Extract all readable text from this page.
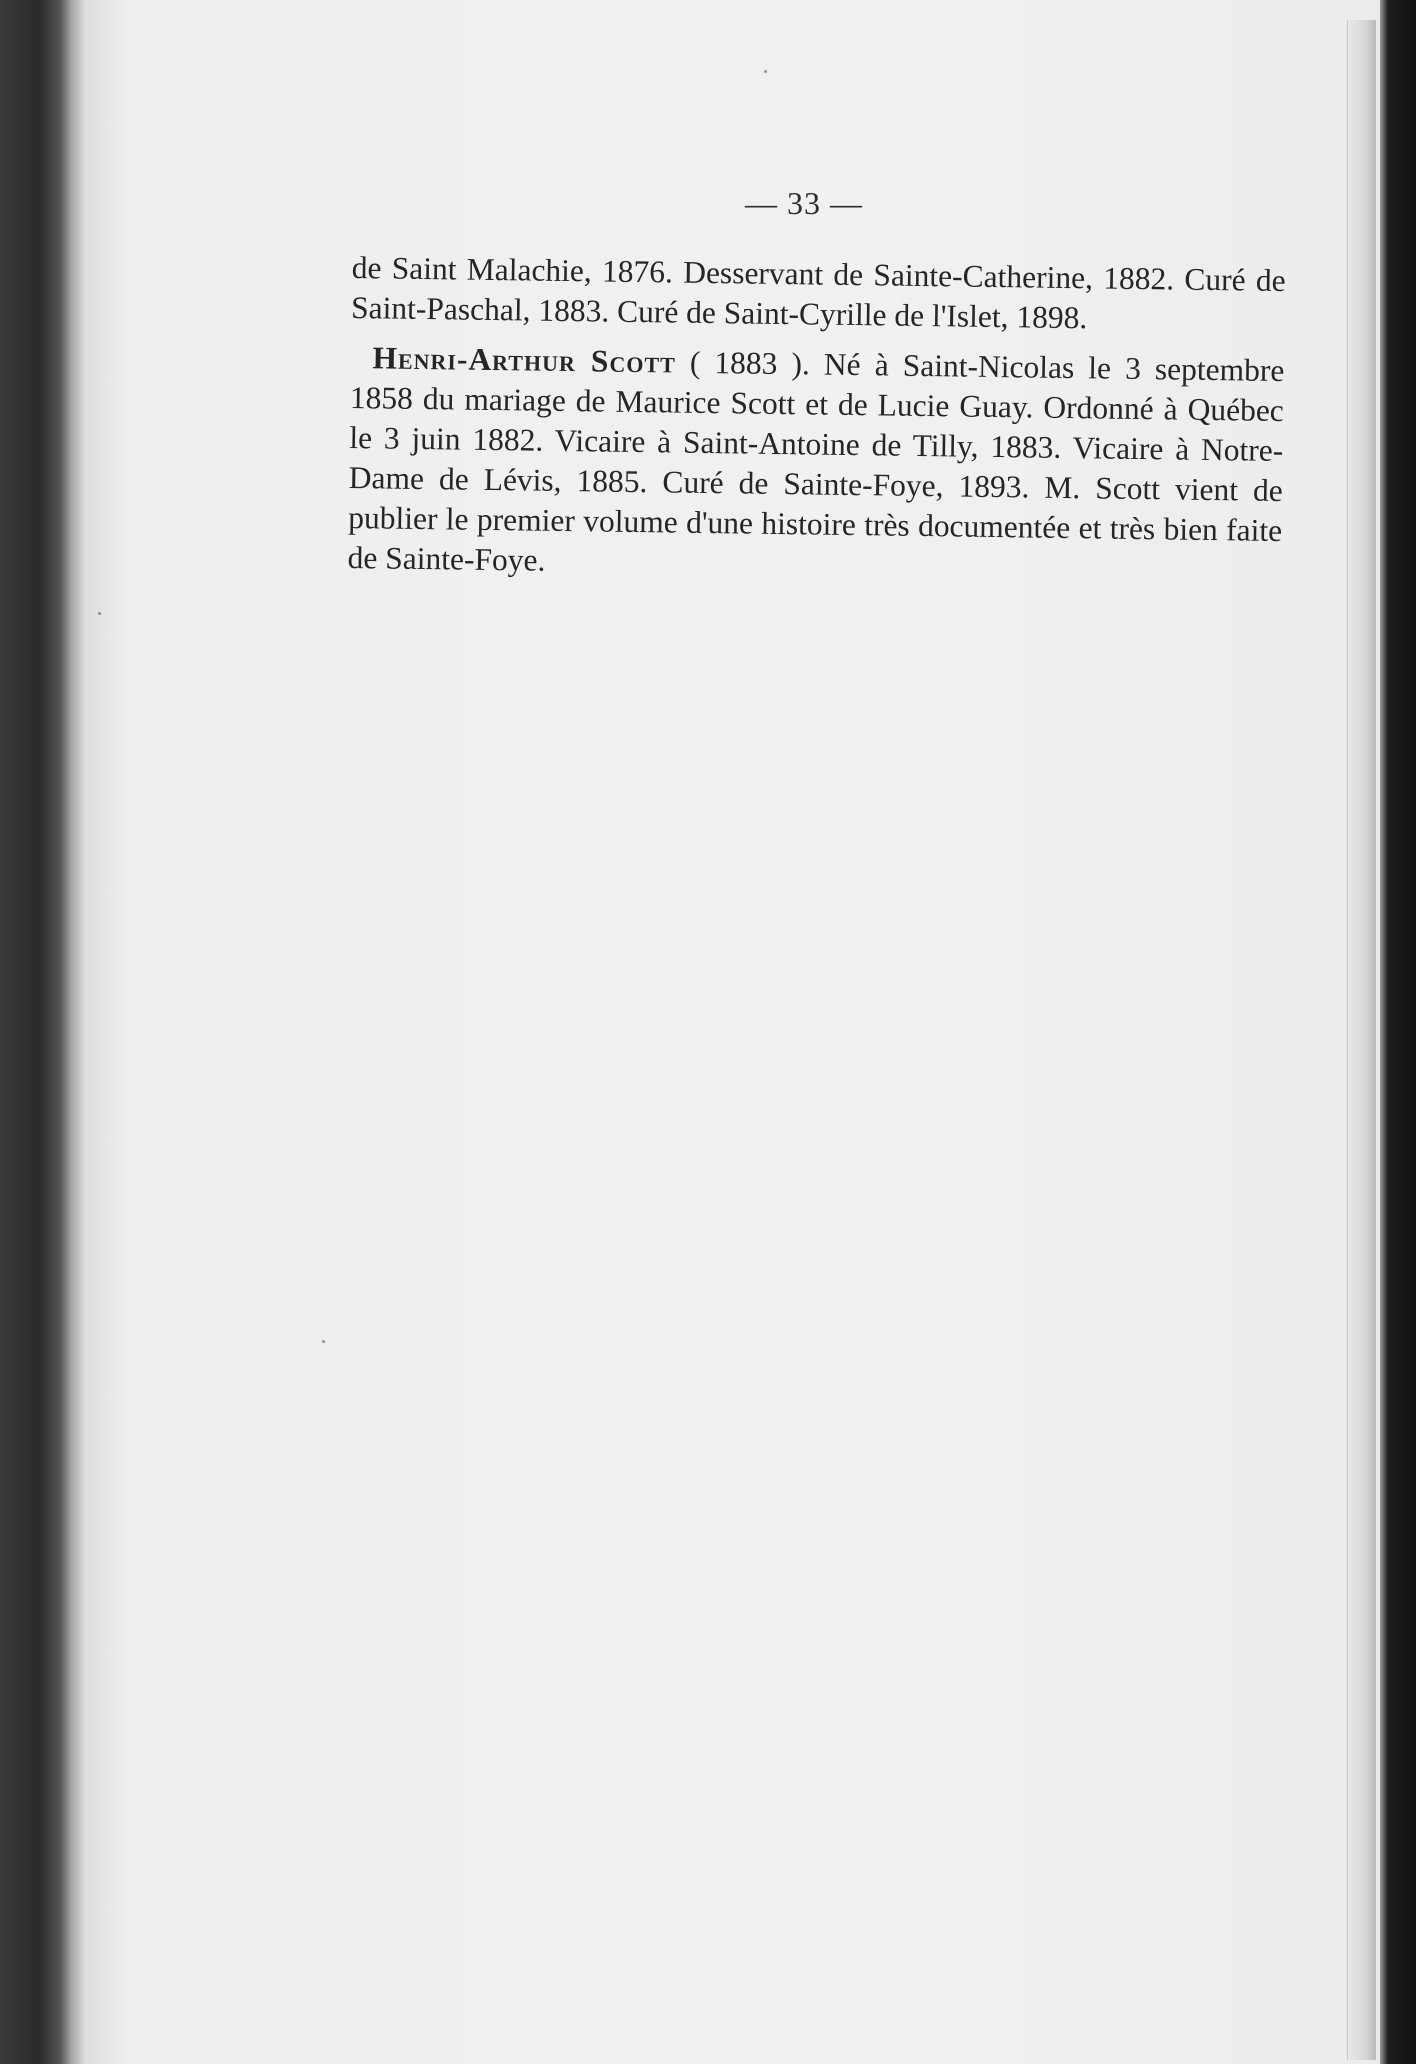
— 33 —

de Saint Malachie, 1876. Desservant de Sainte-Catherine, 1882. Curé de Saint-Paschal, 1883. Curé de Saint-Cyrille de l'Islet, 1898.

Henri-Arthur Scott ( 1883 ). Né à Saint-Nicolas le 3 septembre 1858 du mariage de Maurice Scott et de Lucie Guay. Ordonné à Québec le 3 juin 1882. Vicaire à Saint-Antoine de Tilly, 1883. Vicaire à Notre-Dame de Lévis, 1885. Curé de Sainte-Foye, 1893. M. Scott vient de publier le premier volume d'une histoire très documentée et très bien faite de Sainte-Foye.
